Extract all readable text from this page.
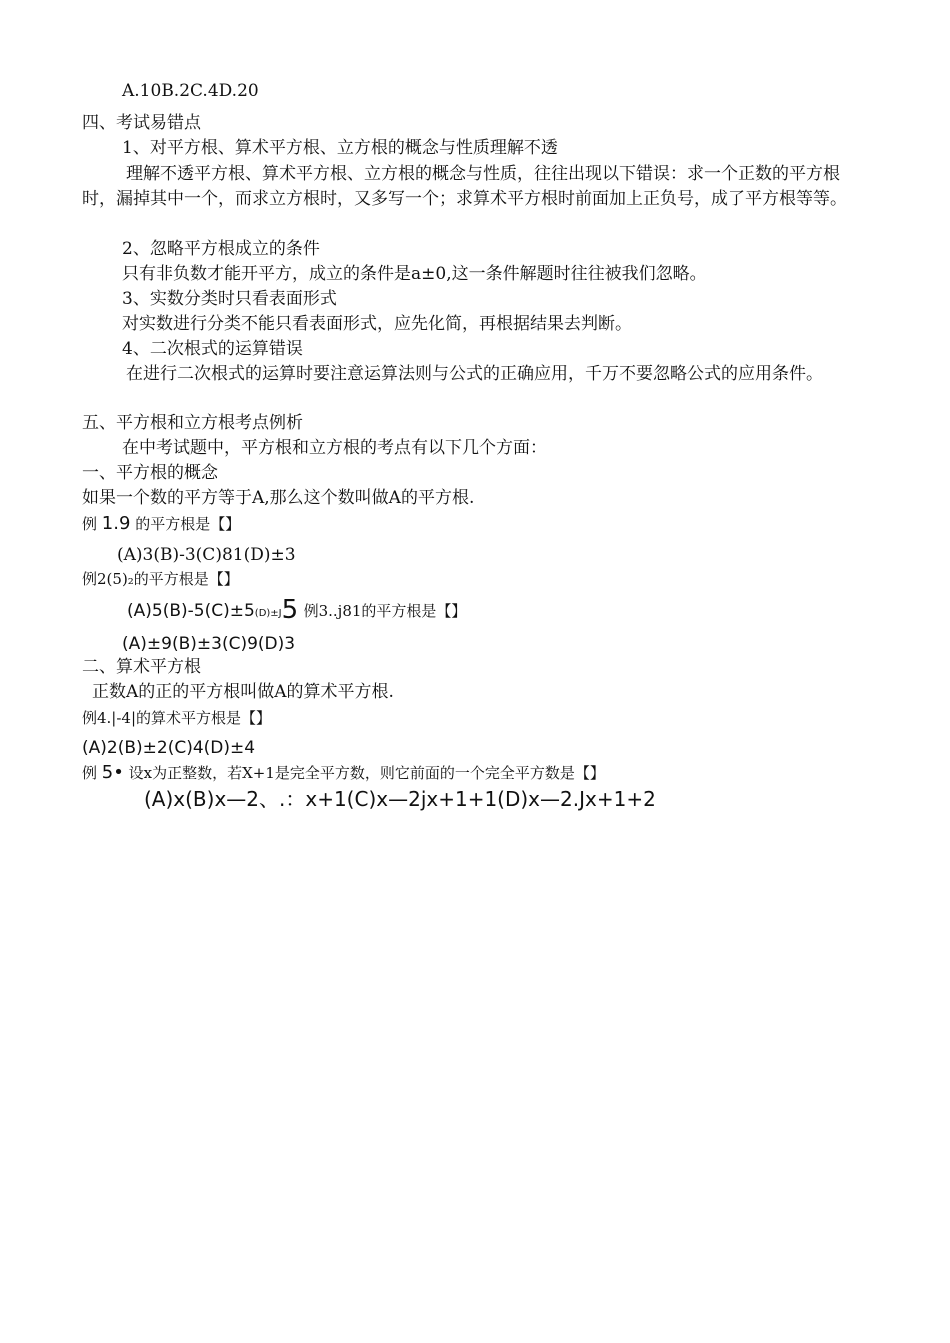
A.10B.2C.4D.20
四、考试易错点
1、对平方根、算术平方根、立方根的概念与性质理解不透
理解不透平方根、算术平方根、立方根的概念与性质，往往出现以下错误：求一个正数的平方根时，漏掉其中一个，而求立方根时，又多写一个；求算术平方根时前面加上正负号，成了平方根等等。
2、忽略平方根成立的条件
只有非负数才能开平方，成立的条件是a±0,这一条件解题时往往被我们忽略。
3、实数分类时只看表面形式
对实数进行分类不能只看表面形式，应先化简，再根据结果去判断。
4、二次根式的运算错误
在进行二次根式的运算时要注意运算法则与公式的正确应用，千万不要忽略公式的应用条件。
五、平方根和立方根考点例析
在中考试题中，平方根和立方根的考点有以下几个方面：
一、平方根的概念
如果一个数的平方等于A,那么这个数叫做A的平方根.
例 1.9 的平方根是【】
(A)3(B)-3(C)81(D)±3
例2(5)₂的平方根是【】
(A)5(B)-5(C)±5(D)±J5 例3..j81的平方根是【】
(A)±9(B)±3(C)9(D)3
二、算术平方根
正数A的正的平方根叫做A的算术平方根.
例4.|-4|的算术平方根是【】
(A)2(B)±2(C)4(D)±4
例 5• 设x为正整数，若X+1是完全平方数，则它前面的一个完全平方数是【】
(A)x(B)x—2、.：x+1(C)x—2jx+1+1(D)x—2.Jx+1+2
